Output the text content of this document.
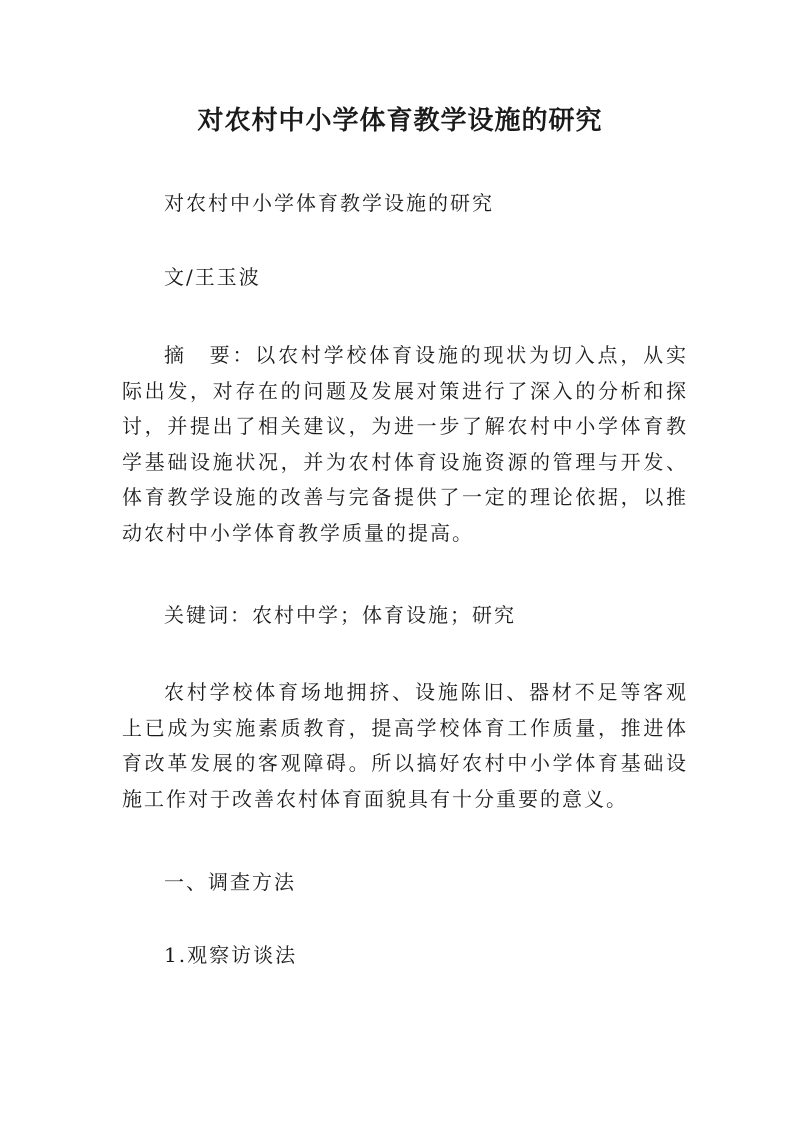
对农村中小学体育教学设施的研究

对农村中小学体育教学设施的研究

文/王玉波

摘　要：以农村学校体育设施的现状为切入点，从实际出发，对存在的问题及发展对策进行了深入的分析和探讨，并提出了相关建议，为进一步了解农村中小学体育教学基础设施状况，并为农村体育设施资源的管理与开发、体育教学设施的改善与完备提供了一定的理论依据，以推动农村中小学体育教学质量的提高。

关键词：农村中学；体育设施；研究

农村学校体育场地拥挤、设施陈旧、器材不足等客观上已成为实施素质教育，提高学校体育工作质量，推进体育改革发展的客观障碍。所以搞好农村中小学体育基础设施工作对于改善农村体育面貌具有十分重要的意义。

一、调查方法

1.观察访谈法
